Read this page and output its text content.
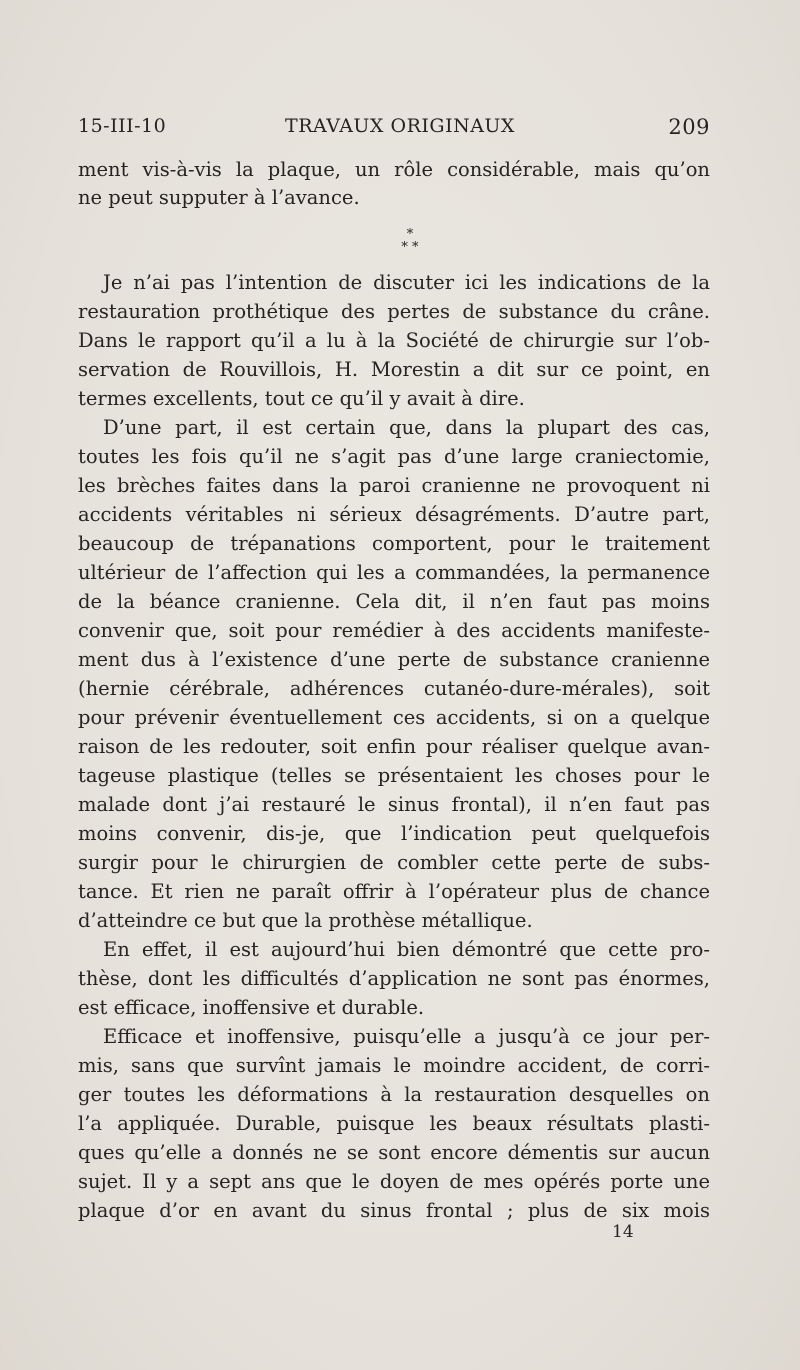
15-III-10	TRAVAUX ORIGINAUX	209
ment vis-à-vis la plaque, un rôle considérable, mais qu’on
ne peut supputer à l’avance.
*
* *
Je n’ai pas l’intention de discuter ici les indications de la
restauration prothétique des pertes de substance du crâne.
Dans le rapport qu’il a lu à la Société de chirurgie sur l’ob-
servation de Rouvillois, H. Morestin a dit sur ce point, en
termes excellents, tout ce qu’il y avait à dire.
D’une part, il est certain que, dans la plupart des cas,
toutes les fois qu’il ne s’agit pas d’une large craniectomie,
les brèches faites dans la paroi cranienne ne provoquent ni
accidents véritables ni sérieux désagréments. D’autre part,
beaucoup de trépanations comportent, pour le traitement
ultérieur de l’affection qui les a commandées, la permanence
de la béance cranienne. Cela dit, il n’en faut pas moins
convenir que, soit pour remédier à des accidents manifeste-
ment dus à l’existence d’une perte de substance cranienne
(hernie cérébrale, adhérences cutanéo-dure-mérales), soit
pour prévenir éventuellement ces accidents, si on a quelque
raison de les redouter, soit enfin pour réaliser quelque avan-
tageuse plastique (telles se présentaient les choses pour le
malade dont j’ai restauré le sinus frontal), il n’en faut pas
moins convenir, dis-je, que l’indication peut quelquefois
surgir pour le chirurgien de combler cette perte de subs-
tance. Et rien ne paraît offrir à l’opérateur plus de chance
d’atteindre ce but que la prothèse métallique.
En effet, il est aujourd’hui bien démontré que cette pro-
thèse, dont les difficultés d’application ne sont pas énormes,
est efficace, inoffensive et durable.
Efficace et inoffensive, puisqu’elle a jusqu’à ce jour per-
mis, sans que survînt jamais le moindre accident, de corri-
ger toutes les déformations à la restauration desquelles on
l’a appliquée. Durable, puisque les beaux résultats plasti-
ques qu’elle a donnés ne se sont encore démentis sur aucun
sujet. Il y a sept ans que le doyen de mes opérés porte une
plaque d’or en avant du sinus frontal ; plus de six mois
14
